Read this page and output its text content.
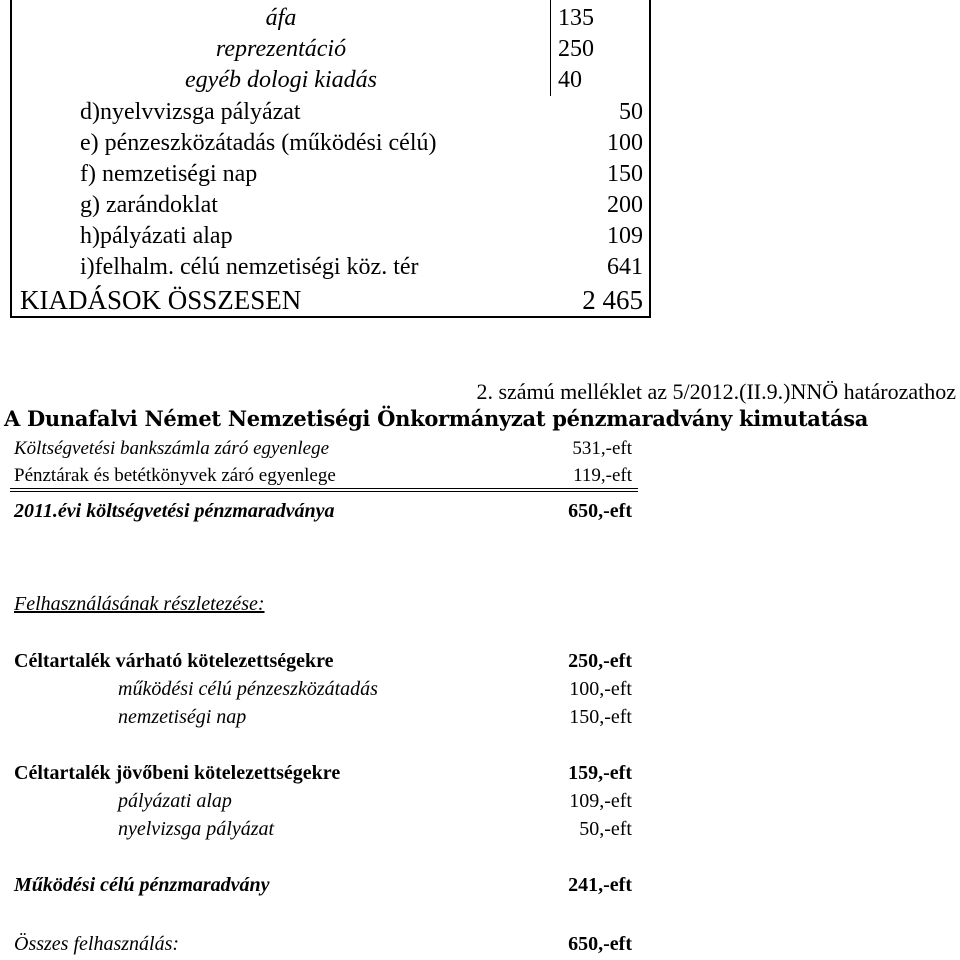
áfa	135
reprezentáció	250
egyéb dologi kiadás	40
d)nyelvvizsga pályázat	50
e) pénzeszközátadás (működési célú)	100
f) nemzetiségi nap	150
g) zarándoklat	200
h)pályázati alap	109
i)felhalm. célú nemzetiségi köz. tér	641
KIADÁSOK ÖSSZESEN	2 465
2. számú melléklet az 5/2012.(II.9.)NNÖ határozathoz
A Dunafalvi Német Nemzetiségi Önkormányzat pénzmaradvány kimutatása
Költségvetési bankszámla záró egyenlege	531,-eft
Pénztárak és betétkönyvek záró egyenlege	119,-eft
2011.évi költségvetési pénzmaradványa	650,-eft
Felhasználásának részletezése:
Céltartalék várható kötelezettségekre	250,-eft
működési célú pénzeszközátadás	100,-eft
nemzetiségi nap	150,-eft
Céltartalék jövőbeni kötelezettségekre	159,-eft
pályázati alap	109,-eft
nyelvizsga pályázat	50,-eft
Működési célú pénzmaradvány	241,-eft
Összes felhasználás:	650,-eft
